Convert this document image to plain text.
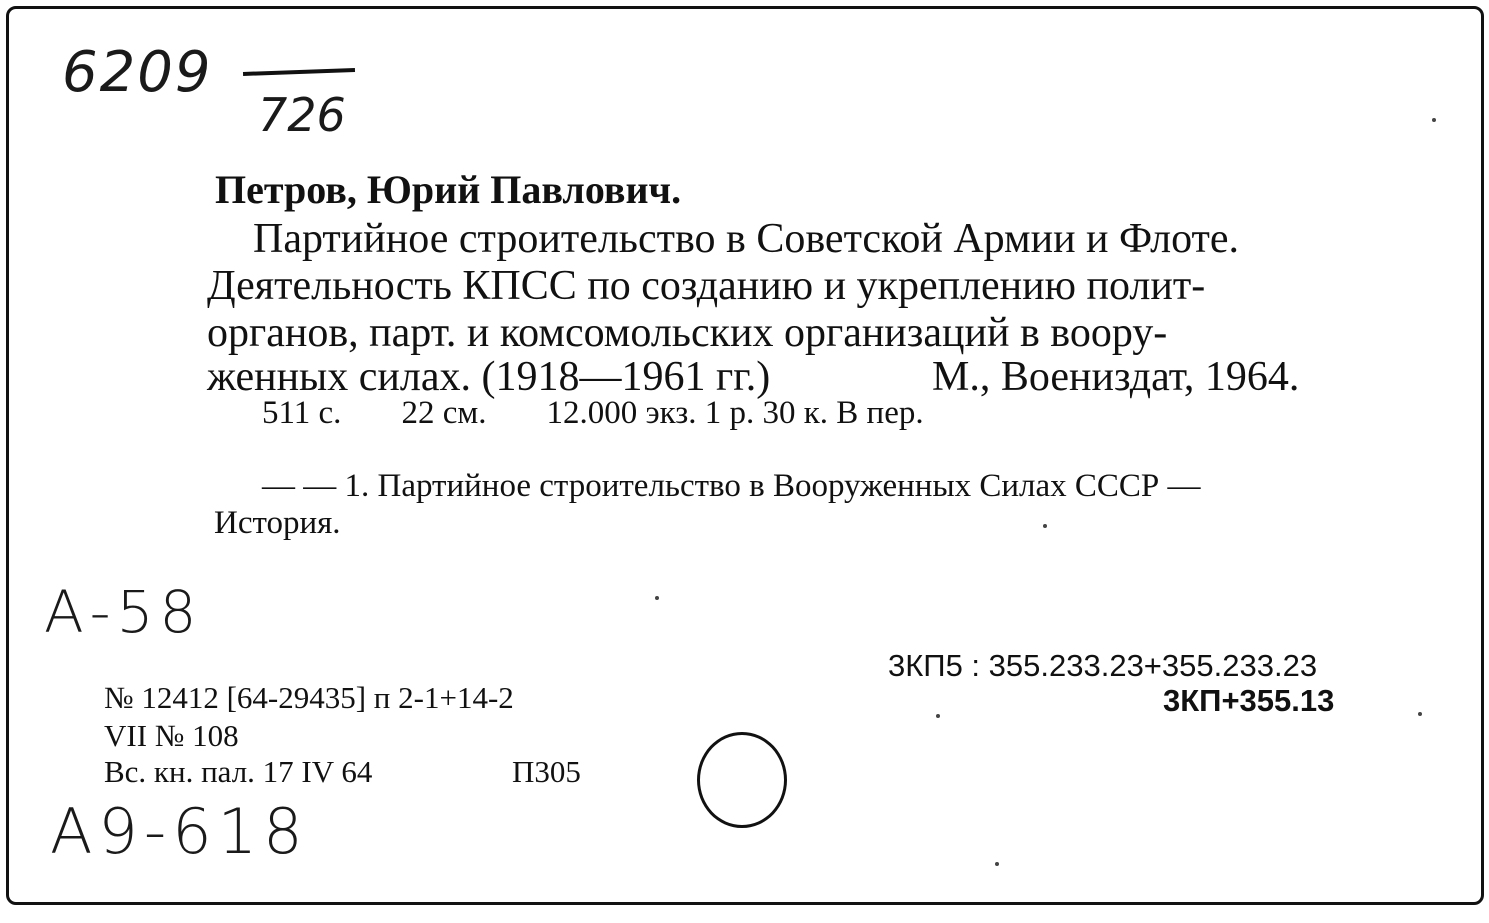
6209
726
Петров, Юрий Павлович.
Партийное строительство в Советской Армии и Флоте.
Деятельность КПСС по созданию и укреплению полит-
органов, парт. и комсомольских организаций в воору-
женных силах. (1918—1961 гг.)	М., Воениздат, 1964.
511 с. 22 см. 12.000 экз. 1 р. 30 к. В пер.
— — 1. Партийное строительство в Вооруженных Силах СССР —
История.
А-58
3КП5 : 355.233.23+355.233.23
3КП+355.13
№ 12412 [64-29435] п 2-1+14-2
VII № 108
Вс. кн. пал. 17 IV 64	П305
А9-618
